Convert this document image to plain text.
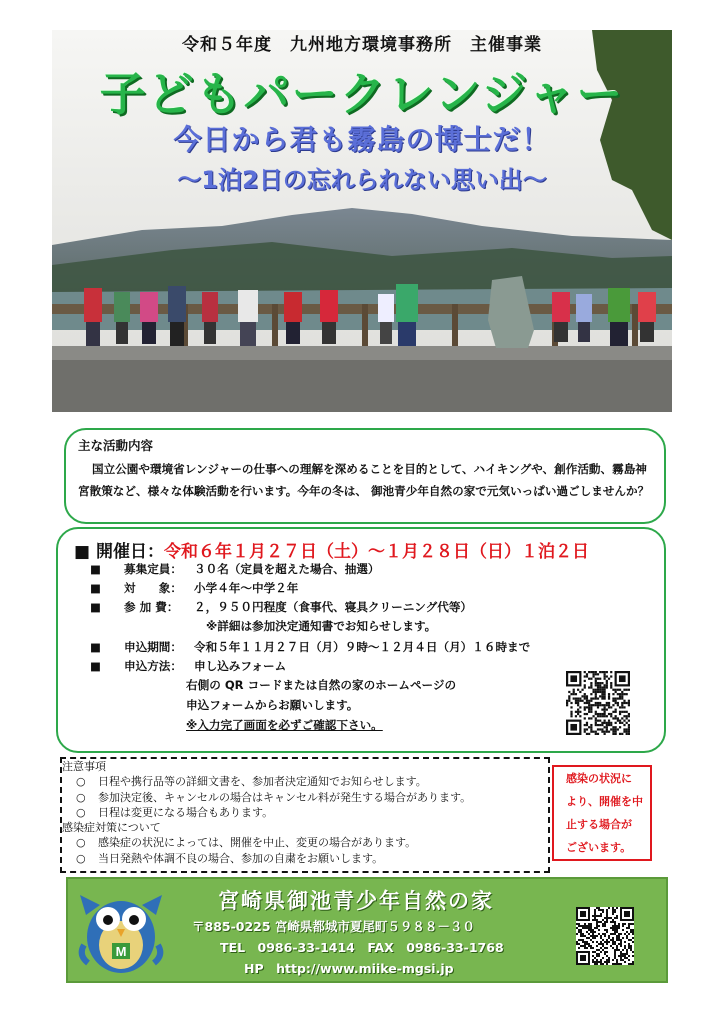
令和５年度　九州地方環境事務所　主催事業
子どもパークレンジャー
今日から君も霧島の博士だ！
～1泊2日の忘れられない思い出～
主な活動内容
国立公園や環境省レンジャーの仕事への理解を深めることを目的として、ハイキングや、創作活動、霧島神宮散策など、様々な体験活動を行います。今年の冬は、 御池青少年自然の家で元気いっぱい過ごしませんか？
■ 開催日：令和６年１月２７日（土）～１月２８日（日）１泊２日
■ 募集定員： ３０名（定員を超えた場合、抽選）
■ 対　　象： 小学４年～中学２年
■ 参 加 費： ２，９５０円程度（食事代、寝具クリーニング代等）
※詳細は参加決定通知書でお知らせします。
■ 申込期間： 令和５年１１月２７日（月）９時～１２月４日（月）１６時まで
■ 申込方法： 申し込みフォーム
右側の QR コードまたは自然の家のホームページの
申込フォームからお願いします。
※入力完了画面を必ずご確認下さい。
注意事項
○ 日程や携行品等の詳細文書を、参加者決定通知でお知らせします。
○ 参加決定後、キャンセルの場合はキャンセル料が発生する場合があります。
○ 日程は変更になる場合もあります。
感染症対策について
○ 感染症の状況によっては、開催を中止、変更の場合があります。
○ 当日発熱や体調不良の場合、参加の自粛をお願いします。
感染の状況に
より、開催を中
止する場合が
ございます。
M
宮崎県御池青少年自然の家
〒885-0225 宮崎県都城市夏尾町５９８８－３０
TEL　0986-33-1414　FAX　0986-33-1768
HP　http://www.miike-mgsi.jp
